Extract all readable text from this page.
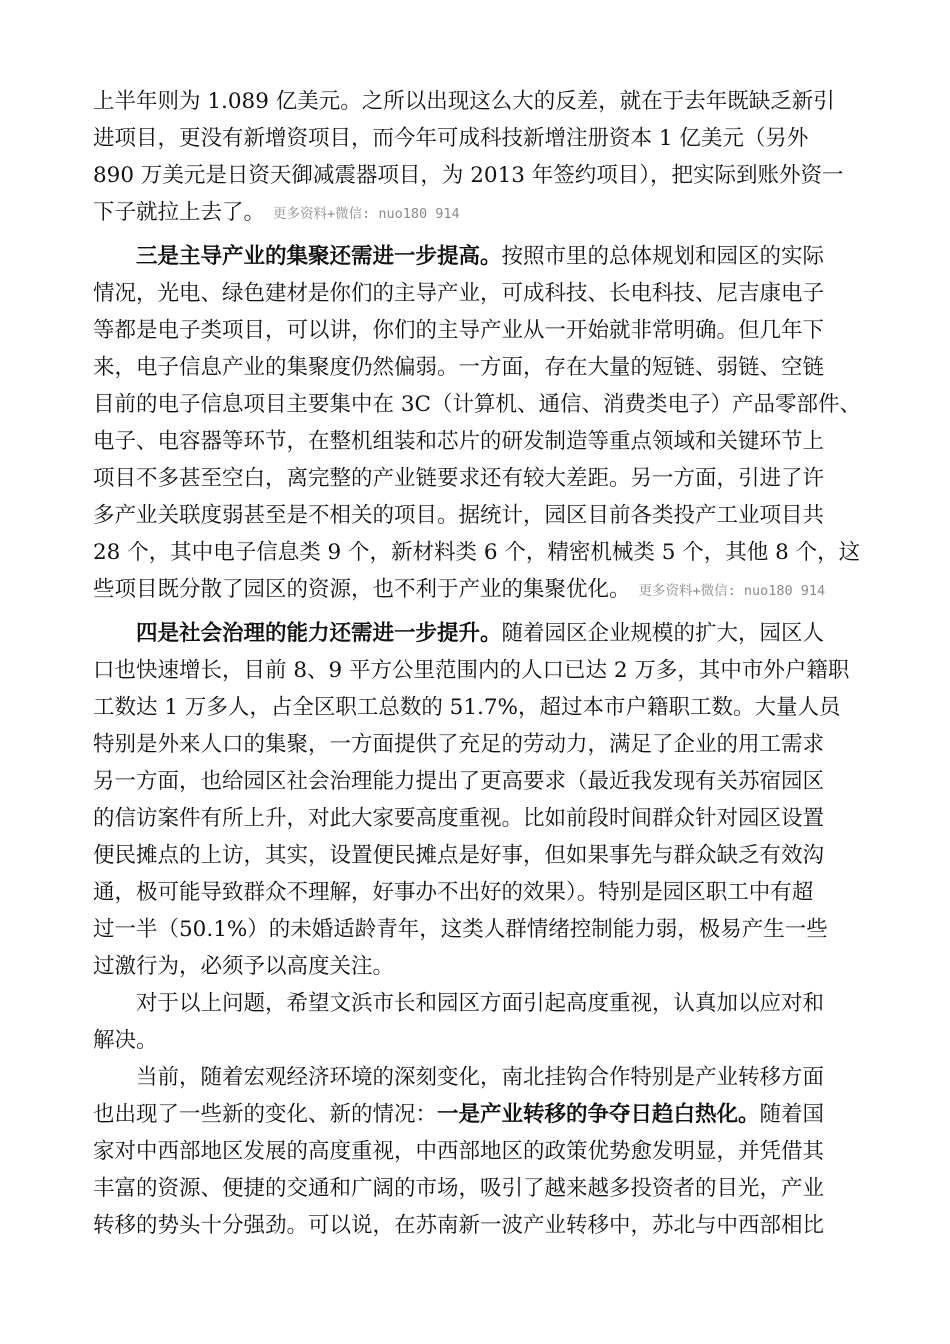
上半年则为 1.089 亿美元。之所以出现这么大的反差，就在于去年既缺乏新引
进项目，更没有新增资项目，而今年可成科技新增注册资本 1 亿美元（另外
890 万美元是日资天御减震器项目，为 2013 年签约项目），把实际到账外资一
下子就拉上去了。 更多资料+微信: nuo180 914
三是主导产业的集聚还需进一步提高。按照市里的总体规划和园区的实际
情况，光电、绿色建材是你们的主导产业，可成科技、长电科技、尼吉康电子
等都是电子类项目，可以讲，你们的主导产业从一开始就非常明确。但几年下
来，电子信息产业的集聚度仍然偏弱。一方面，存在大量的短链、弱链、空链
目前的电子信息项目主要集中在 3C（计算机、通信、消费类电子）产品零部件、
电子、电容器等环节，在整机组装和芯片的研发制造等重点领域和关键环节上
项目不多甚至空白，离完整的产业链要求还有较大差距。另一方面，引进了许
多产业关联度弱甚至是不相关的项目。据统计，园区目前各类投产工业项目共
28 个，其中电子信息类 9 个，新材料类 6 个，精密机械类 5 个，其他 8 个，这
些项目既分散了园区的资源，也不利于产业的集聚优化。 更多资料+微信: nuo180 914
四是社会治理的能力还需进一步提升。随着园区企业规模的扩大，园区人
口也快速增长，目前 8、9 平方公里范围内的人口已达 2 万多，其中市外户籍职
工数达 1 万多人，占全区职工总数的 51.7%，超过本市户籍职工数。大量人员
特别是外来人口的集聚，一方面提供了充足的劳动力，满足了企业的用工需求
另一方面，也给园区社会治理能力提出了更高要求（最近我发现有关苏宿园区
的信访案件有所上升，对此大家要高度重视。比如前段时间群众针对园区设置
便民摊点的上访，其实，设置便民摊点是好事，但如果事先与群众缺乏有效沟
通，极可能导致群众不理解，好事办不出好的效果）。特别是园区职工中有超
过一半（50.1%）的未婚适龄青年，这类人群情绪控制能力弱，极易产生一些
过激行为，必须予以高度关注。
对于以上问题，希望文浜市长和园区方面引起高度重视，认真加以应对和
解决。
当前，随着宏观经济环境的深刻变化，南北挂钩合作特别是产业转移方面
也出现了一些新的变化、新的情况：一是产业转移的争夺日趋白热化。随着国
家对中西部地区发展的高度重视，中西部地区的政策优势愈发明显，并凭借其
丰富的资源、便捷的交通和广阔的市场，吸引了越来越多投资者的目光，产业
转移的势头十分强劲。可以说，在苏南新一波产业转移中，苏北与中西部相比
